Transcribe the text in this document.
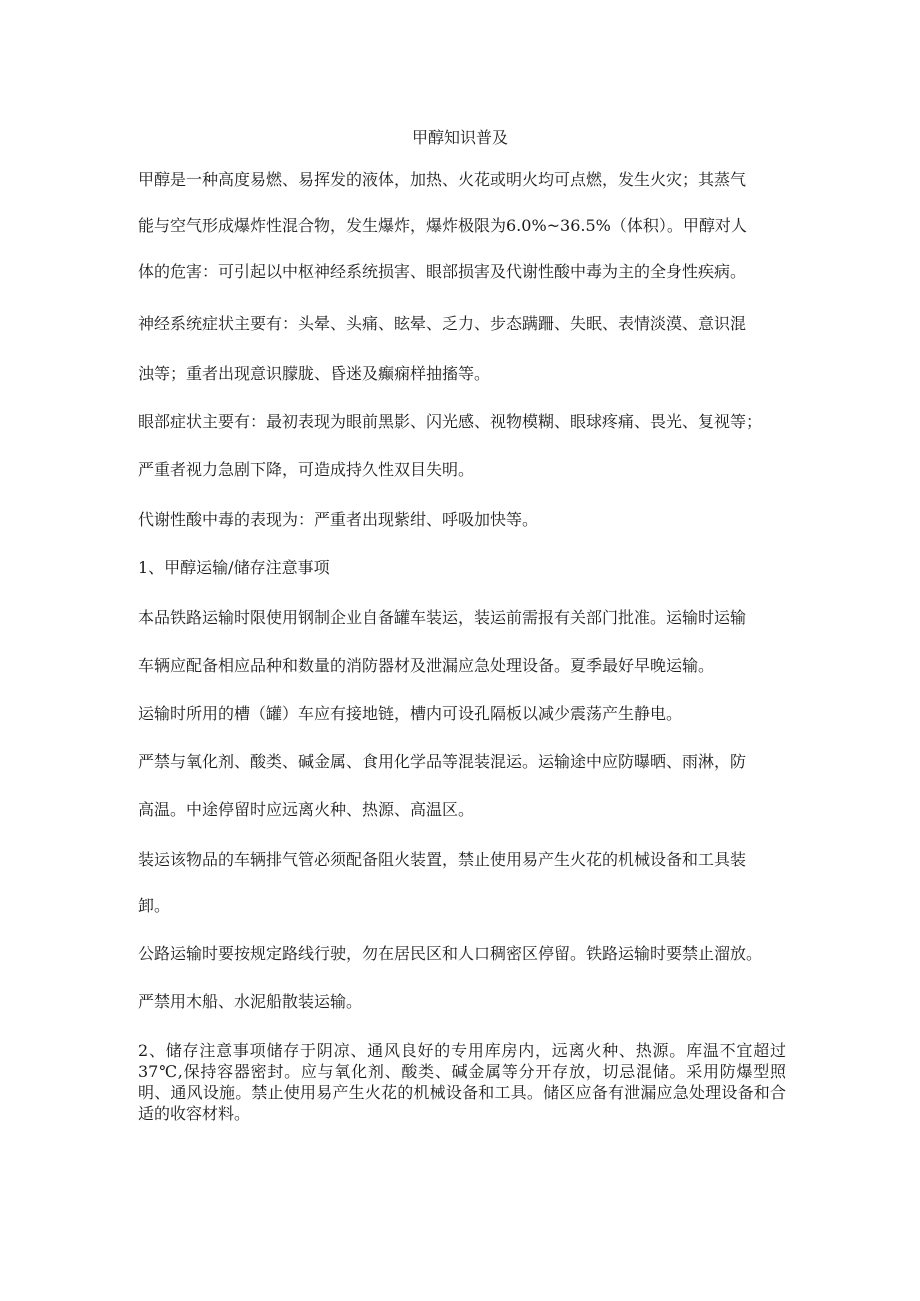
甲醇知识普及
甲醇是一种高度易燃、易挥发的液体，加热、火花或明火均可点燃，发生火灾；其蒸气
能与空气形成爆炸性混合物，发生爆炸，爆炸极限为6.0%~36.5%（体积）。甲醇对人
体的危害：可引起以中枢神经系统损害、眼部损害及代谢性酸中毒为主的全身性疾病。
神经系统症状主要有：头晕、头痛、眩晕、乏力、步态蹒跚、失眠、表情淡漠、意识混
浊等；重者出现意识朦胧、昏迷及癫痫样抽搐等。
眼部症状主要有：最初表现为眼前黑影、闪光感、视物模糊、眼球疼痛、畏光、复视等；
严重者视力急剧下降，可造成持久性双目失明。
代谢性酸中毒的表现为：严重者出现紫绀、呼吸加快等。
1、甲醇运输/储存注意事项
本品铁路运输时限使用钢制企业自备罐车装运，装运前需报有关部门批准。运输时运输
车辆应配备相应品种和数量的消防器材及泄漏应急处理设备。夏季最好早晚运输。
运输时所用的槽（罐）车应有接地链，槽内可设孔隔板以减少震荡产生静电。
严禁与氧化剂、酸类、碱金属、食用化学品等混装混运。运输途中应防曝晒、雨淋，防
高温。中途停留时应远离火种、热源、高温区。
装运该物品的车辆排气管必须配备阻火装置，禁止使用易产生火花的机械设备和工具装
卸。
公路运输时要按规定路线行驶，勿在居民区和人口稠密区停留。铁路运输时要禁止溜放。
严禁用木船、水泥船散装运输。
2、储存注意事项储存于阴凉、通风良好的专用库房内，远离火种、热源。库温不宜超过37℃,保持容器密封。应与氧化剂、酸类、碱金属等分开存放，切忌混储。采用防爆型照明、通风设施。禁止使用易产生火花的机械设备和工具。储区应备有泄漏应急处理设备和合适的收容材料。
